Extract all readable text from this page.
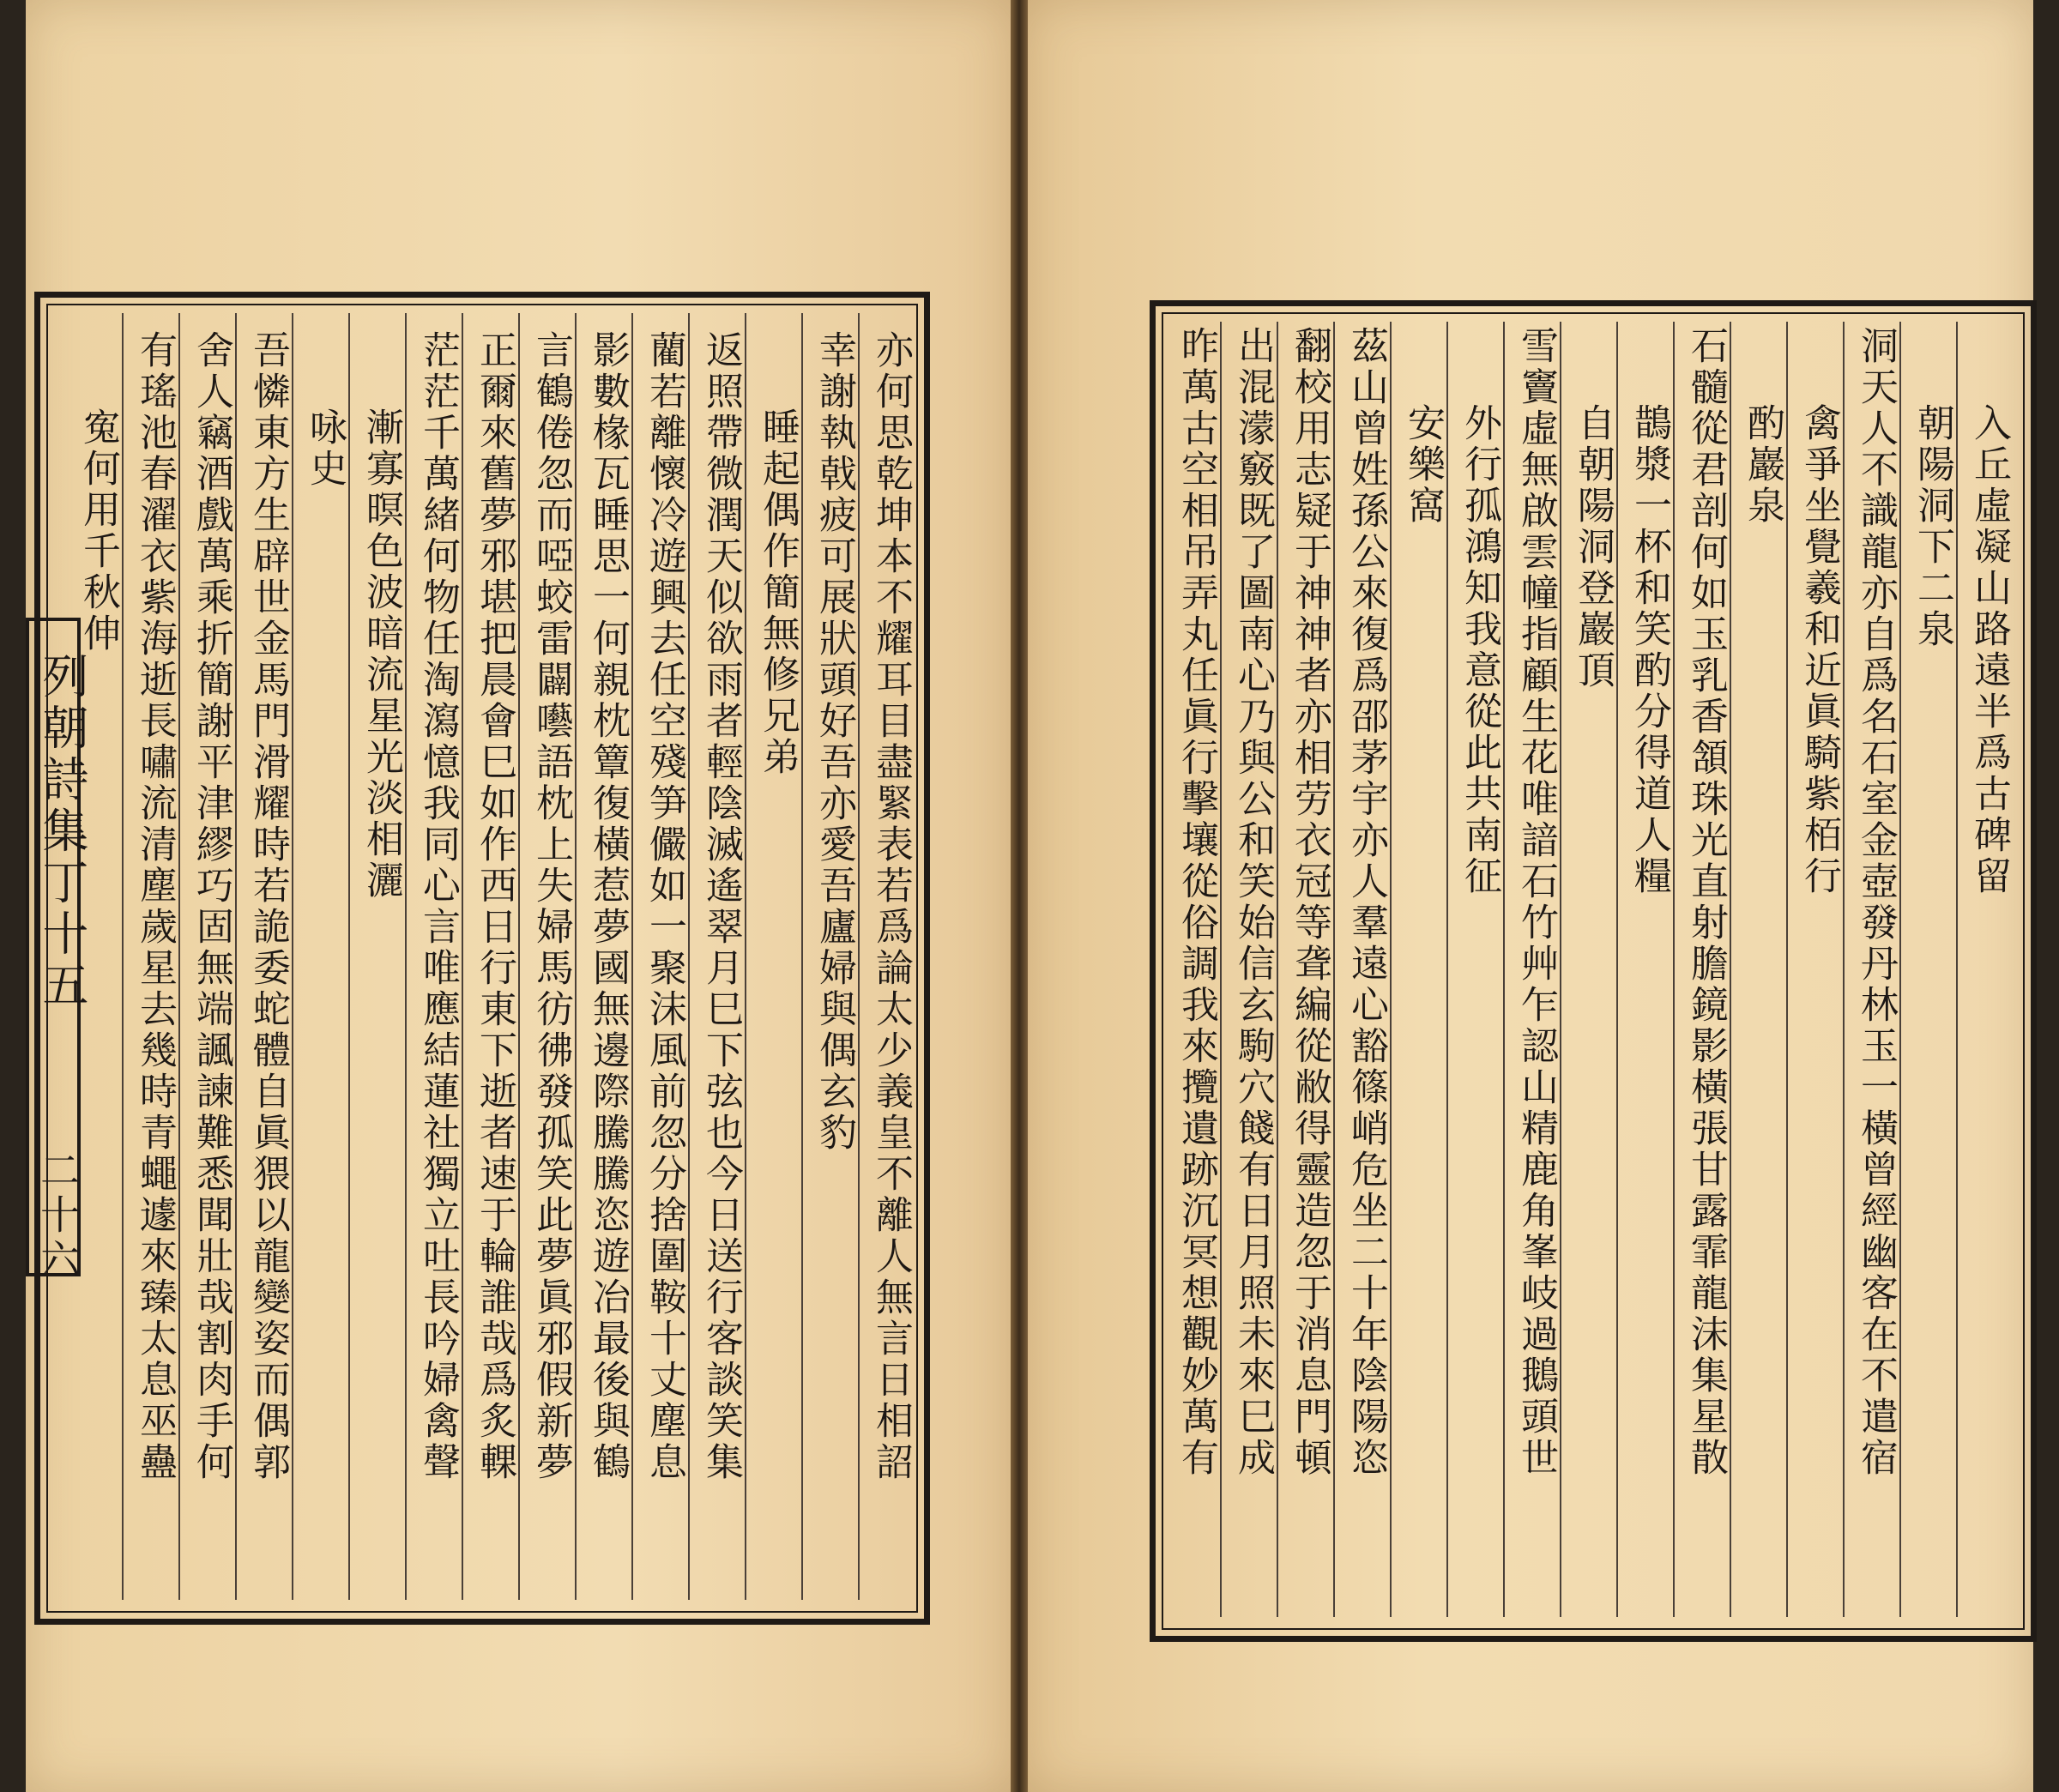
亦何思乾坤本不耀耳目盡緊表若爲論太少義皇不離人無言日相詔
幸謝執戟疲可展狀頭好吾亦愛吾廬婦與偶玄豹
睡起偶作簡無修兄弟
返照帶微潤天似欲雨者輕陰滅遙翠月巳下弦也今日送行客談笑集
藺若離懷冷遊興去任空殘笋儼如一聚沫風前忽分捨圍鞍十丈塵息
影數椽瓦睡思一何親枕簟復橫惹夢國無邊際騰騰恣遊冶最後與鶴
言鶴倦忽而啞蛟雷闢囈語枕上失婦馬彷彿發孤笑此夢眞邪假新夢
正爾來舊夢邪堪把晨會巳如作西日行東下逝者速于輪誰哉爲炙輠
茫茫千萬緒何物任淘瀉憶我同心言唯應結蓮社獨立吐長吟婦禽聲
漸寡暝色波暗流星光淡相灑
咏史
吾憐東方生辟世金馬門滑耀時若詭委蛇體自眞猥以龍變姿而偶郭
舍人竊酒戲萬乘折簡謝平津繆巧固無端諷諫難悉聞壯哉割肉手何
有瑤池春濯衣紫海逝長嘯流清塵歲星去幾時青蠅遽來臻太息巫蠱
寃何用千秋伸
列朝詩集丁十五
二十六
入丘虛凝山路遠半爲古碑留
朝陽洞下二泉
洞天人不識龍亦自爲名石室金壺發丹林玉一橫曾經幽客在不遣宿
禽爭坐覺羲和近眞騎紫栢行
酌巖泉
石髓從君剖何如玉乳香頷珠光直射膽鏡影橫張甘露霏龍沫集星散
鵲漿一杯和笑酌分得道人糧
自朝陽洞登巖頂
雪竇虛無啟雲幢指顧生花唯諳石竹艸乍認山精鹿角峯岐過鵝頭世
外行孤鴻知我意從此共南征
安樂窩
茲山曾姓孫公來復爲邵茅宇亦人羣遠心豁篠峭危坐二十年陰陽恣
翻校用志疑于神神者亦相劳衣冠等聋編從敝得靈造忽于消息門頓
出混濛竅既了圖南心乃與公和笑始信玄駒穴餞有日月照未來巳成
昨萬古空相吊弄丸任眞行擊壤從俗調我來攬遺跡沉冥想觀妙萬有
